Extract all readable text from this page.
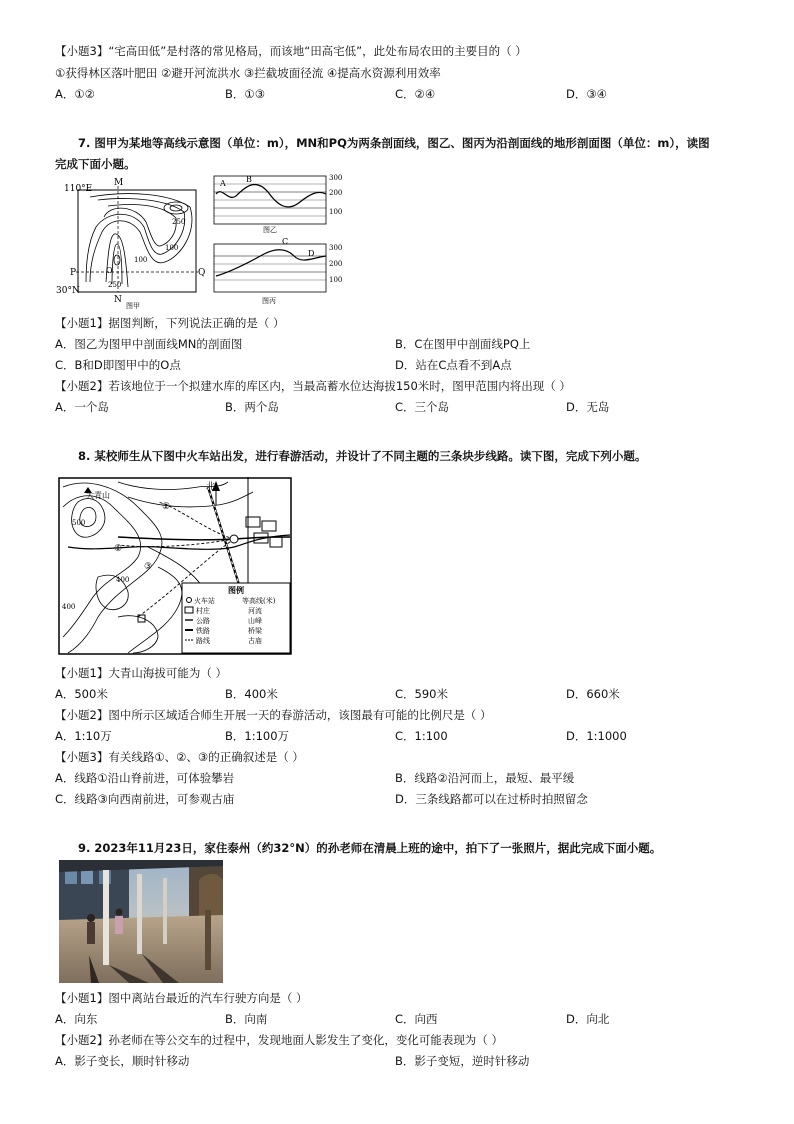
【小题3】“宅高田低”是村落的常见格局，而该地“田高宅低”，此处布局农田的主要目的（ ）
①获得林区落叶肥田 ②避开河流洪水 ③拦截坡面径流 ④提高水资源利用效率
A．①②	B．①③	C．②④	D．③④
7. 图甲为某地等高线示意图（单位：m），MN和PQ为两条剖面线，图乙、图丙为沿剖面线的地形剖面图（单位：m），读图
完成下面小题。
110°E
M
N
P	Q
O
30°N
250
100
100
250
图甲
A	B	300
200
100
图乙
C
D
300
200
100
图丙
【小题1】据图判断，下列说法正确的是（ ）
A．图乙为图甲中剖面线MN的剖面图	B．C在图甲中剖面线PQ上
C．B和D即图甲中的O点	D．站在C点看不到A点
【小题2】若该地位于一个拟建水库的库区内，当最高蓄水位达海拔150米时，图甲范围内将出现（ ）
A．一个岛	B．两个岛	C．三个岛	D．无岛
8. 某校师生从下图中火车站出发，进行春游活动，并设计了不同主题的三条块步线路。读下图，完成下列小题。
北
大青山
500
400
400
①
②
③
图例
火车站	等高线(米)
村庄	河流
公路	山峰
铁路	桥梁
路线	古庙
【小题1】大青山海拔可能为（ ）
A．500米	B．400米	C．590米	D．660米
【小题2】图中所示区域适合师生开展一天的春游活动，该图最有可能的比例尺是（ ）
A．1:10万	B．1:100万	C．1:100	D．1:1000
【小题3】有关线路①、②、③的正确叙述是（ ）
A．线路①沿山脊前进，可体验攀岩	B．线路②沿河而上，最短、最平缓
C．线路③向西南前进，可参观古庙	D．三条线路都可以在过桥时拍照留念
9. 2023年11月23日，家住泰州（约32°N）的孙老师在清晨上班的途中，拍下了一张照片，据此完成下面小题。
【小题1】图中离站台最近的汽车行驶方向是（ ）
A．向东	B．向南	C．向西	D．向北
【小题2】孙老师在等公交车的过程中，发现地面人影发生了变化，变化可能表现为（ ）
A．影子变长，顺时针移动	B．影子变短，逆时针移动
